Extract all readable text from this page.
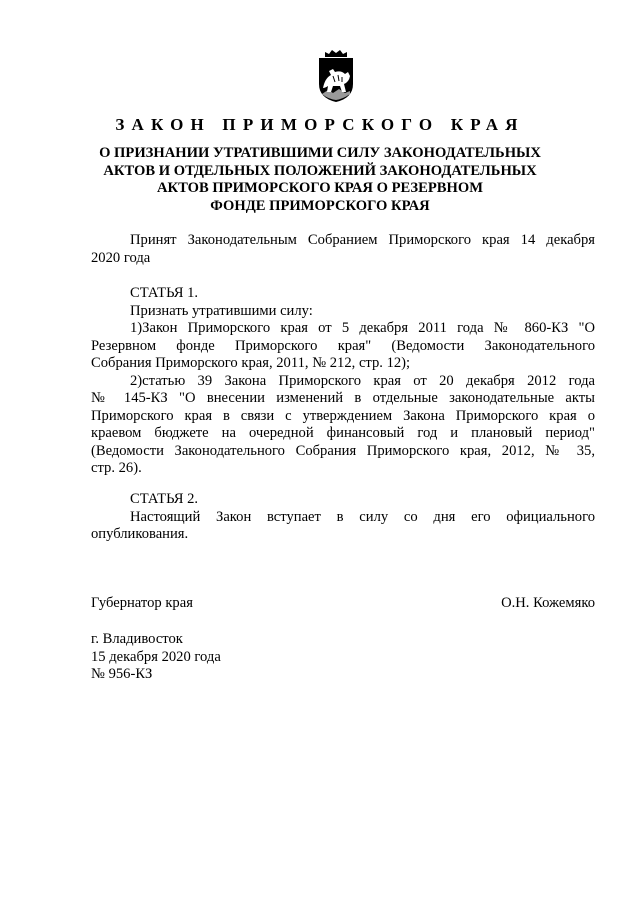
ЗАКОН ПРИМОРСКОГО КРАЯ
О ПРИЗНАНИИ УТРАТИВШИМИ СИЛУ ЗАКОНОДАТЕЛЬНЫХ
АКТОВ И ОТДЕЛЬНЫХ ПОЛОЖЕНИЙ ЗАКОНОДАТЕЛЬНЫХ
АКТОВ ПРИМОРСКОГО КРАЯ О РЕЗЕРВНОМ
ФОНДЕ ПРИМОРСКОГО КРАЯ
Принят Законодательным Собранием Приморского края 14 декабря
2020 года
СТАТЬЯ 1.
Признать утратившими силу:
1)Закон Приморского края от 5 декабря 2011 года № 860-КЗ "О
Резервном фонде Приморского края" (Ведомости Законодательного
Собрания Приморского края, 2011, № 212, стр. 12);
2)статью 39 Закона Приморского края от 20 декабря 2012 года
№ 145-КЗ "О внесении изменений в отдельные законодательные акты
Приморского края в связи с утверждением Закона Приморского края о
краевом бюджете на очередной финансовый год и плановый период"
(Ведомости Законодательного Собрания Приморского края, 2012, № 35,
стр. 26).
СТАТЬЯ 2.
Настоящий Закон вступает в силу со дня его официального
опубликования.
Губернатор края	О.Н. Кожемяко
г. Владивосток
15 декабря 2020 года
№ 956-КЗ
